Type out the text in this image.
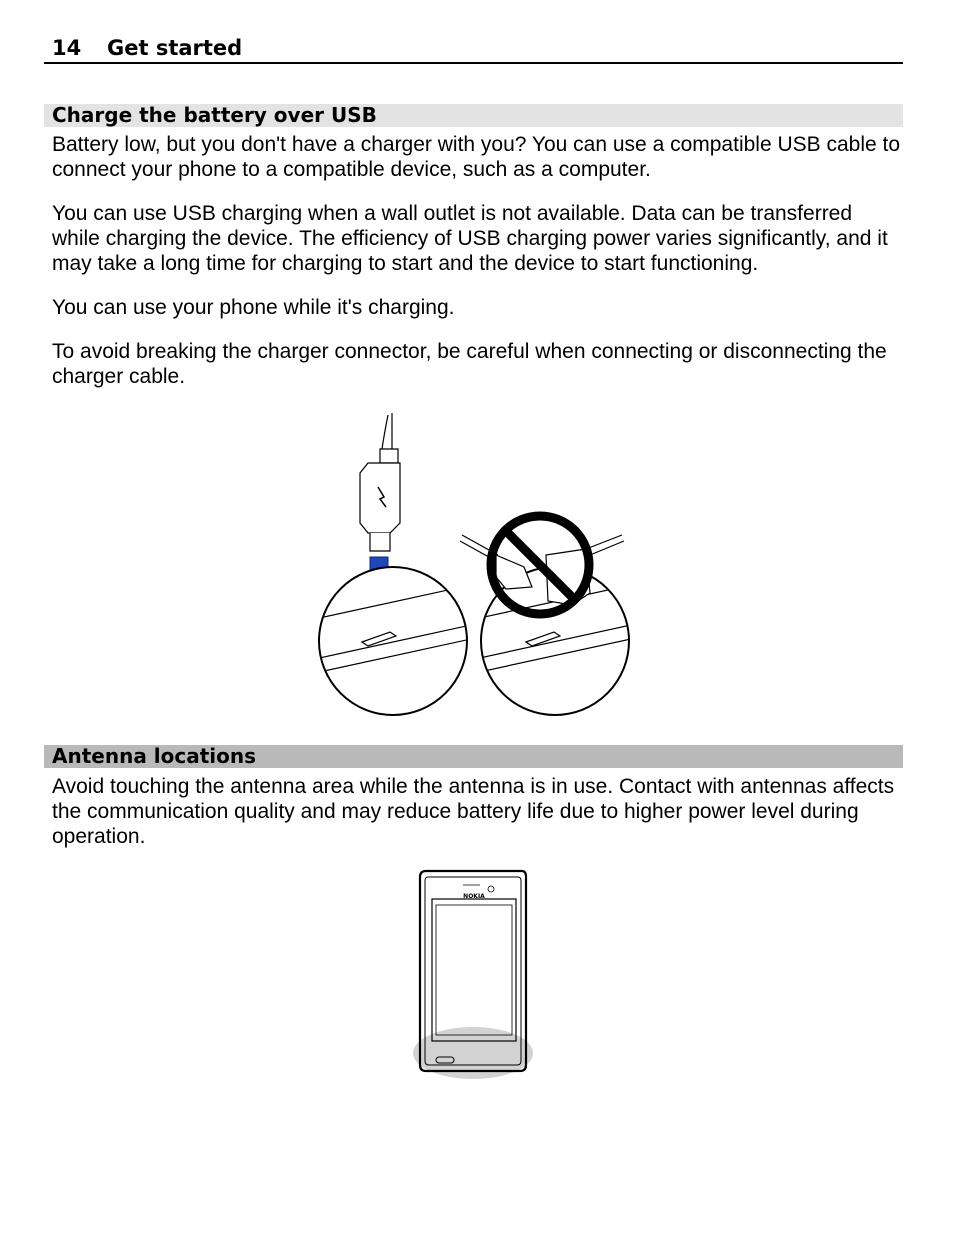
14 Get started
Charge the battery over USB

Battery low, but you don't have a charger with you? You can use a compatible USB cable to connect your phone to a compatible device, such as a computer.

You can use USB charging when a wall outlet is not available. Data can be transferred while charging the device. The efficiency of USB charging power varies significantly, and it may take a long time for charging to start and the device to start functioning.

You can use your phone while it's charging.

To avoid breaking the charger connector, be careful when connecting or disconnecting the charger cable.

Antenna locations

Avoid touching the antenna area while the antenna is in use. Contact with antennas affects the communication quality and may reduce battery life due to higher power level during operation.

NOKIA
